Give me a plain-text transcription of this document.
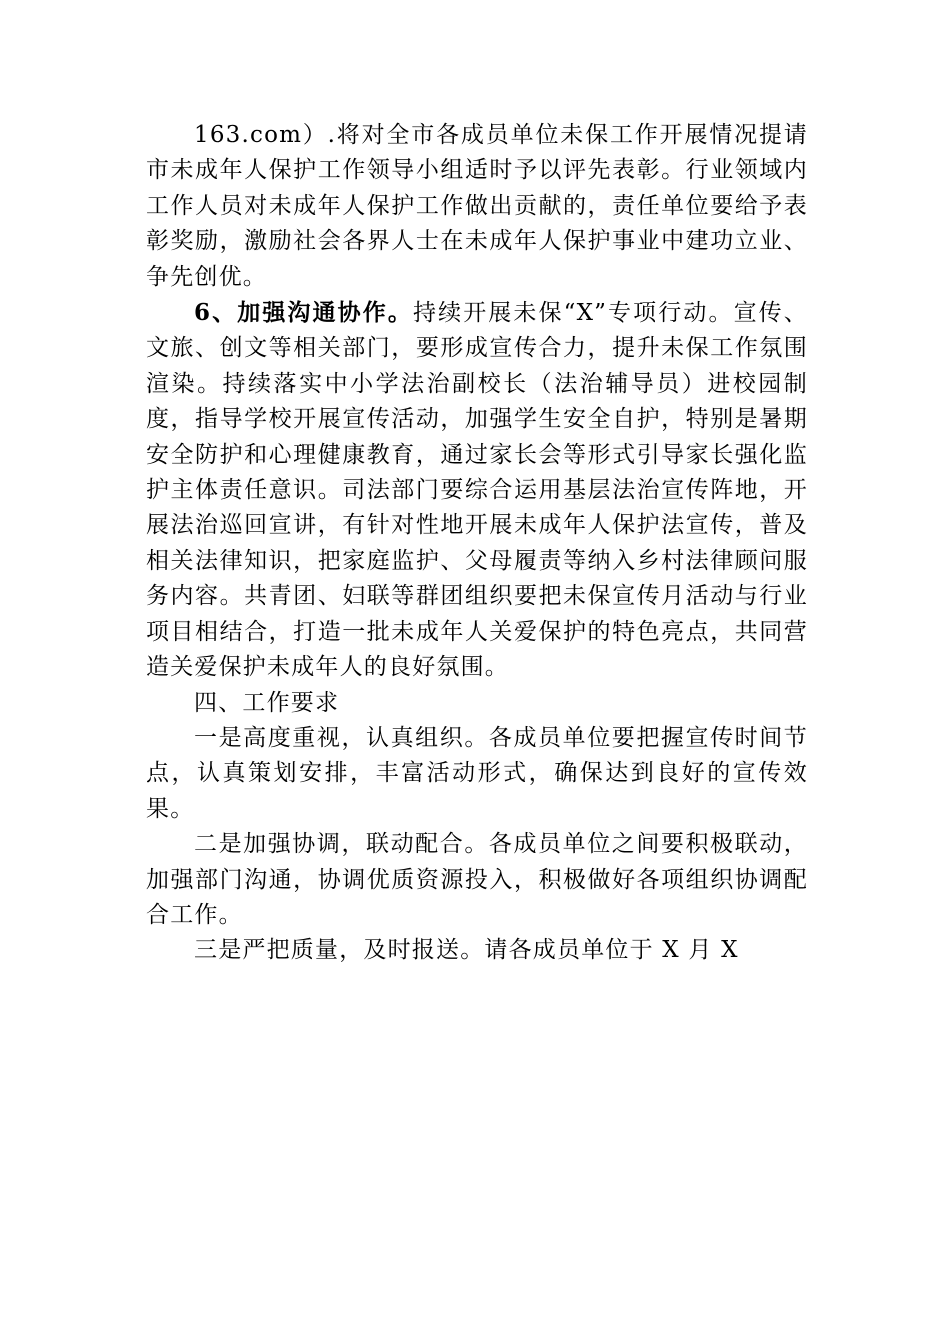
163.com）.将对全市各成员单位未保工作开展情况提请市未成年人保护工作领导小组适时予以评先表彰。行业领域内工作人员对未成年人保护工作做出贡献的，责任单位要给予表彰奖励，激励社会各界人士在未成年人保护事业中建功立业、争先创优。

6、加强沟通协作。持续开展未保“X”专项行动。宣传、文旅、创文等相关部门，要形成宣传合力，提升未保工作氛围渲染。持续落实中小学法治副校长（法治辅导员）进校园制度，指导学校开展宣传活动，加强学生安全自护，特别是暑期安全防护和心理健康教育，通过家长会等形式引导家长强化监护主体责任意识。司法部门要综合运用基层法治宣传阵地，开展法治巡回宣讲，有针对性地开展未成年人保护法宣传，普及相关法律知识，把家庭监护、父母履责等纳入乡村法律顾问服务内容。共青团、妇联等群团组织要把未保宣传月活动与行业项目相结合，打造一批未成年人关爱保护的特色亮点，共同营造关爱保护未成年人的良好氛围。

四、工作要求

一是高度重视，认真组织。各成员单位要把握宣传时间节点，认真策划安排，丰富活动形式，确保达到良好的宣传效果。

二是加强协调，联动配合。各成员单位之间要积极联动，加强部门沟通，协调优质资源投入，积极做好各项组织协调配合工作。

三是严把质量，及时报送。请各成员单位于 X 月 X
